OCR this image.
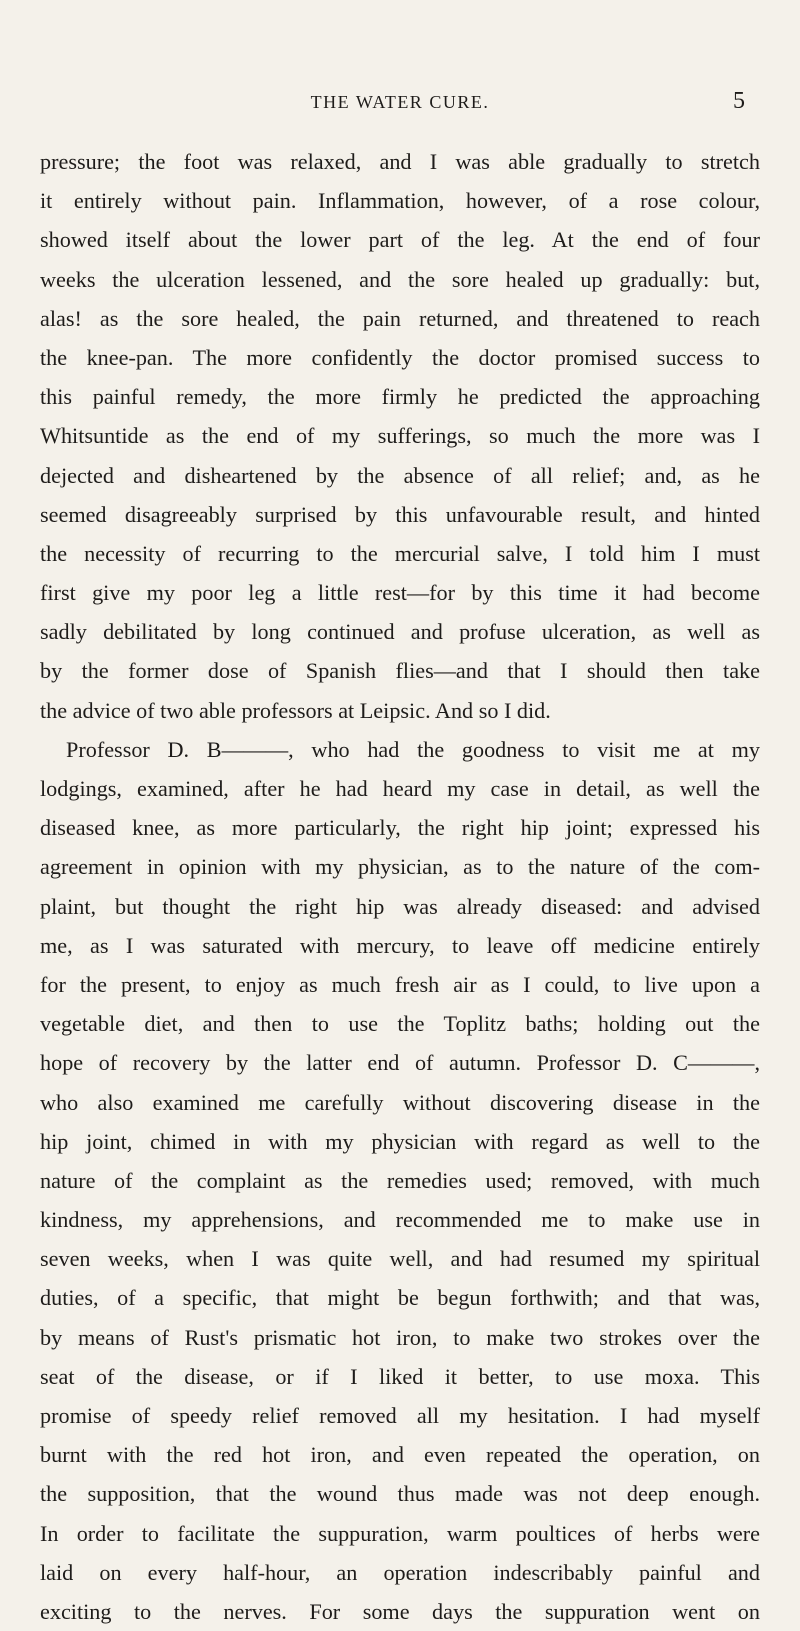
THE WATER CURE.	5
pressure; the foot was relaxed, and I was able gradually to stretch
it entirely without pain. Inflammation, however, of a rose colour,
showed itself about the lower part of the leg. At the end of four
weeks the ulceration lessened, and the sore healed up gradually: but,
alas! as the sore healed, the pain returned, and threatened to reach
the knee-pan. The more confidently the doctor promised success to
this painful remedy, the more firmly he predicted the approaching
Whitsuntide as the end of my sufferings, so much the more was I
dejected and disheartened by the absence of all relief; and, as he
seemed disagreeably surprised by this unfavourable result, and hinted
the necessity of recurring to the mercurial salve, I told him I must
first give my poor leg a little rest—for by this time it had become
sadly debilitated by long continued and profuse ulceration, as well as
by the former dose of Spanish flies—and that I should then take
the advice of two able professors at Leipsic. And so I did.
Professor D. B———, who had the goodness to visit me at my
lodgings, examined, after he had heard my case in detail, as well the
diseased knee, as more particularly, the right hip joint; expressed his
agreement in opinion with my physician, as to the nature of the com-
plaint, but thought the right hip was already diseased: and advised
me, as I was saturated with mercury, to leave off medicine entirely
for the present, to enjoy as much fresh air as I could, to live upon a
vegetable diet, and then to use the Toplitz baths; holding out the
hope of recovery by the latter end of autumn. Professor D. C———,
who also examined me carefully without discovering disease in the
hip joint, chimed in with my physician with regard as well to the
nature of the complaint as the remedies used; removed, with much
kindness, my apprehensions, and recommended me to make use in
seven weeks, when I was quite well, and had resumed my spiritual
duties, of a specific, that might be begun forthwith; and that was,
by means of Rust's prismatic hot iron, to make two strokes over the
seat of the disease, or if I liked it better, to use moxa. This
promise of speedy relief removed all my hesitation. I had myself
burnt with the red hot iron, and even repeated the operation, on
the supposition, that the wound thus made was not deep enough.
In order to facilitate the suppuration, warm poultices of herbs were
laid on every half-hour, an operation indescribably painful and
exciting to the nerves. For some days the suppuration went on
